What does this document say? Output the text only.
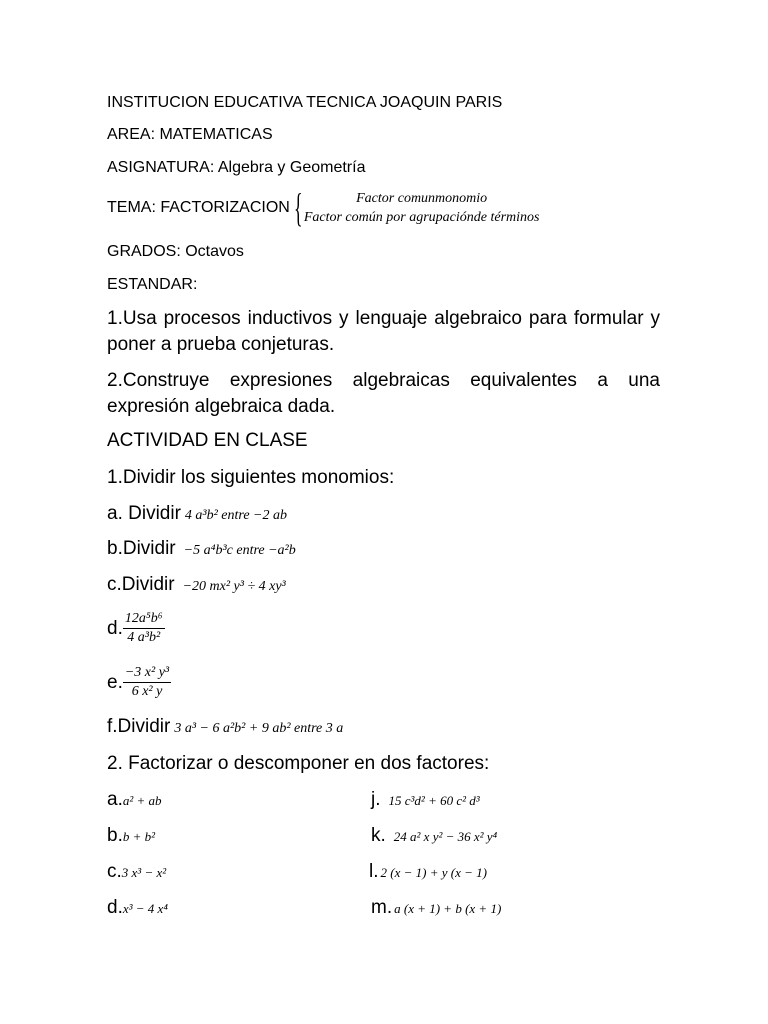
INSTITUCION EDUCATIVA TECNICA JOAQUIN PARIS
AREA: MATEMATICAS
ASIGNATURA: Algebra y Geometría
TEMA: FACTORIZACION {	Factor comunmonomio
Factor común por agrupaciónde términos
GRADOS: Octavos
ESTANDAR:
1.Usa procesos inductivos y lenguaje algebraico para formular y poner a prueba conjeturas.
2.Construye expresiones algebraicas equivalentes a una expresión algebraica dada.
ACTIVIDAD EN CLASE
1.Dividir los siguientes monomios:
a. Dividir 4 a³b² entre −2 ab
b.Dividir −5 a⁴b³c entre −a²b
c.Dividir −20 mx² y³ ÷ 4 xy³
d. $\frac{\text{12a⁵b⁶}}{\text{4 a³b²}}$
e. $\frac{\text{−3 x² y³}}{\text{6 x² y}}$
f.Dividir 3 a³ − 6 a²b² + 9 ab² entre 3 a
2. Factorizar o descomponer en dos factores:
a. a² + ab
b. b + b²
c. 3 x³ − x²
d. x³ − 4 x⁴
j. 15 c³d² + 60 c² d³
k. 24 a² x y² − 36 x² y⁴
l. 2 (x − 1) + y (x − 1)
m. a (x + 1) + b (x + 1)
